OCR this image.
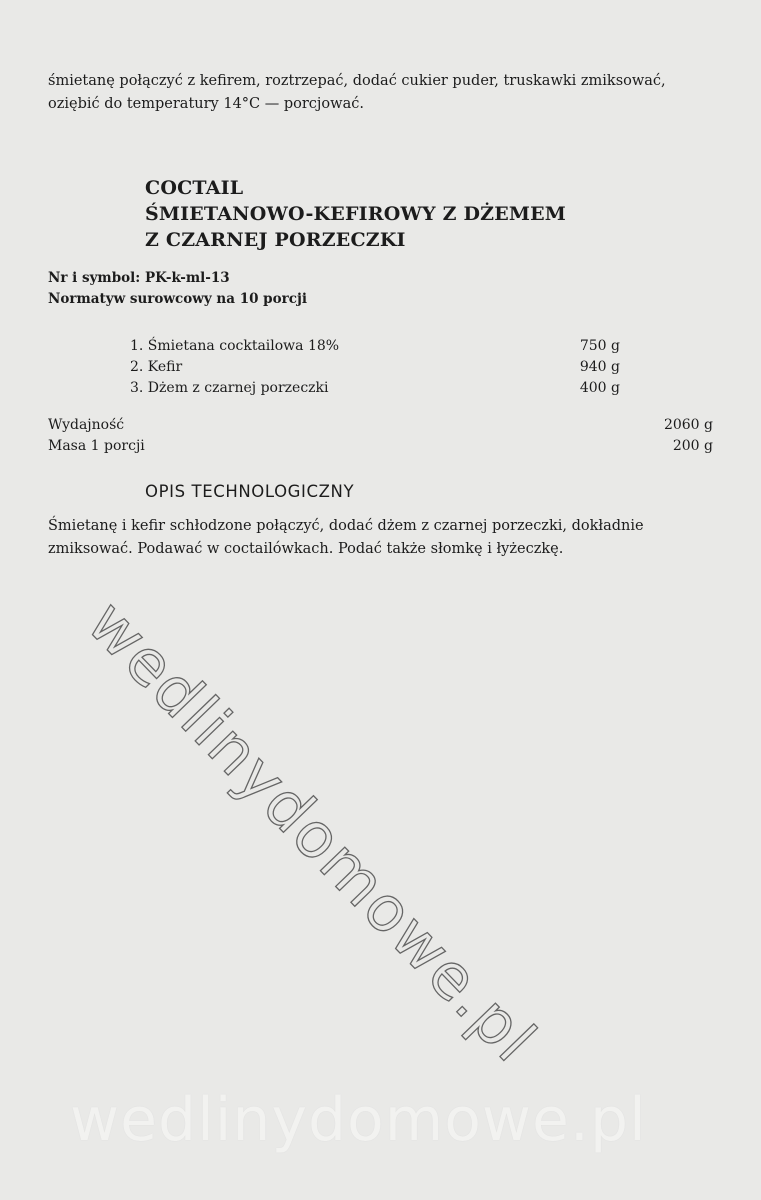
śmietanę połączyć z kefirem, roztrzepać, dodać cukier puder, truskawki zmiksować, oziębić do temperatury 14°C — porcjować.
COCTAIL
ŚMIETANOWO-KEFIROWY Z DŻEMEM
Z CZARNEJ PORZECZKI
Nr i symbol: PK-k-ml-13
Normatyw surowcowy na 10 porcji
1. Śmietana cocktailowa 18%	750 g
2. Kefir	940 g
3. Dżem z czarnej porzeczki	400 g
Wydajność	2060 g
Masa 1 porcji	200 g
OPIS TECHNOLOGICZNY
Śmietanę i kefir schłodzone połączyć, dodać dżem z czarnej porzeczki, dokładnie zmiksować. Podawać w coctailówkach. Podać także słomkę i łyżeczkę.
wedlinydomowe.pl
wedlinydomowe.pl
